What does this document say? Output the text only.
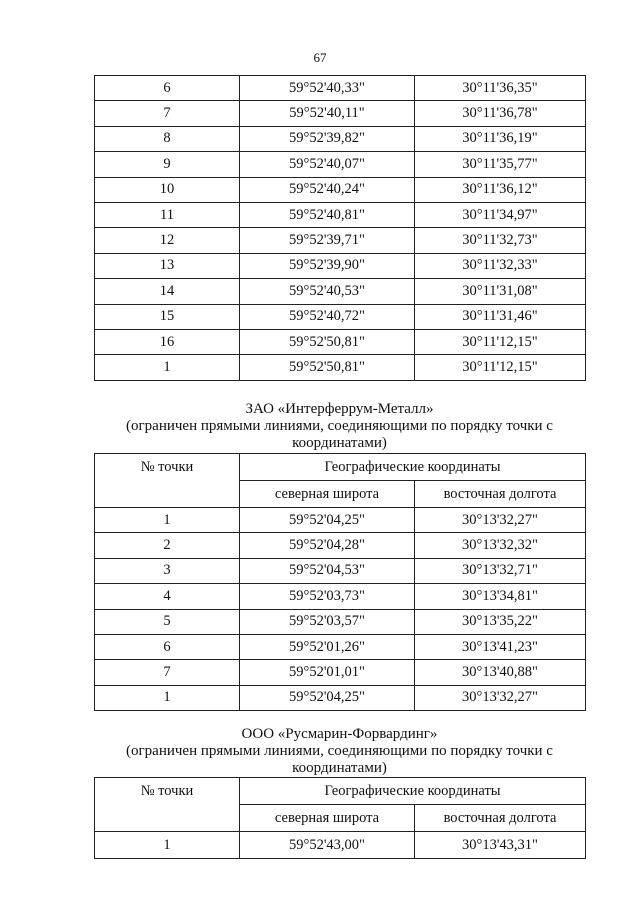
67
6	59°52'40,33"	30°11'36,35"
7	59°52'40,11"	30°11'36,78"
8	59°52'39,82"	30°11'36,19"
9	59°52'40,07"	30°11'35,77"
10	59°52'40,24"	30°11'36,12"
11	59°52'40,81"	30°11'34,97"
12	59°52'39,71"	30°11'32,73"
13	59°52'39,90"	30°11'32,33"
14	59°52'40,53"	30°11'31,08"
15	59°52'40,72"	30°11'31,46"
16	59°52'50,81"	30°11'12,15"
1	59°52'50,81"	30°11'12,15"
ЗАО «Интерферрум-Металл»
(ограничен прямыми линиями, соединяющими по порядку точки с
координатами)
№ точки	Географические координаты	
	северная широта	восточная долгота
1	59°52'04,25"	30°13'32,27"
2	59°52'04,28"	30°13'32,32"
3	59°52'04,53"	30°13'32,71"
4	59°52'03,73"	30°13'34,81"
5	59°52'03,57"	30°13'35,22"
6	59°52'01,26"	30°13'41,23"
7	59°52'01,01"	30°13'40,88"
1	59°52'04,25"	30°13'32,27"
ООО «Русмарин-Форвардинг»
(ограничен прямыми линиями, соединяющими по порядку точки с
координатами)
№ точки	Географические координаты	
	северная широта	восточная долгота
1	59°52'43,00"	30°13'43,31"
